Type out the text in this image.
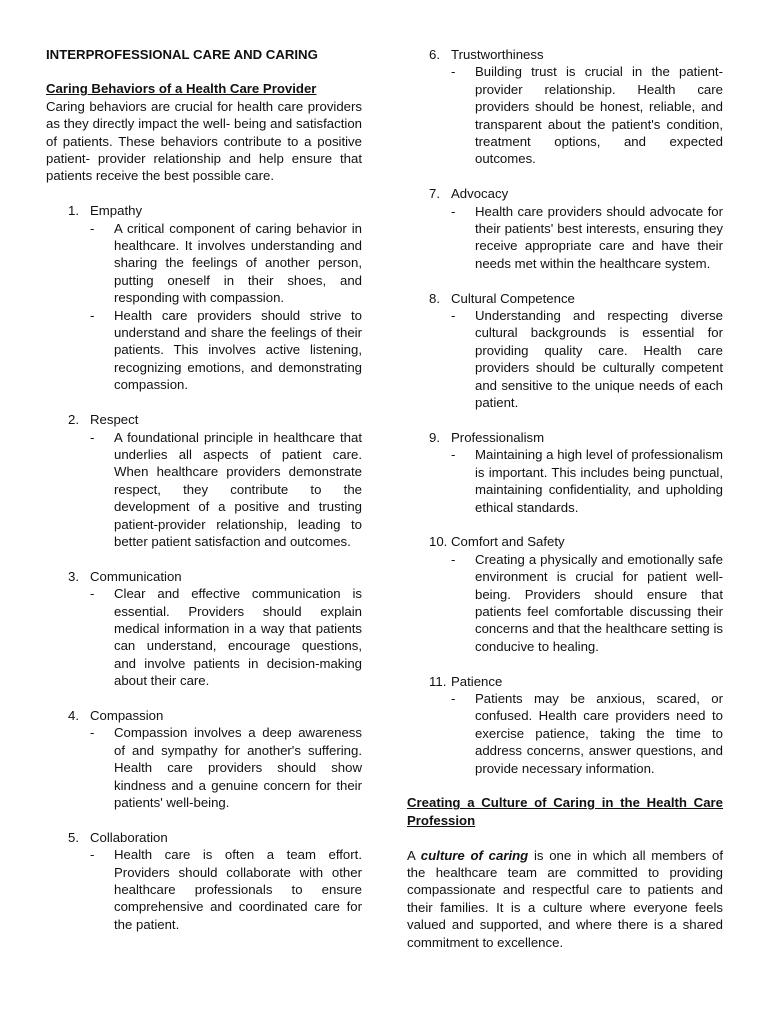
INTERPROFESSIONAL CARE AND CARING

Caring Behaviors of a Health Care Provider

Caring behaviors are crucial for health care providers as they directly impact the well- being and satisfaction of patients. These behaviors contribute to a positive patient- provider relationship and help ensure that patients receive the best possible care.

1. Empathy
-	A critical component of caring behavior in healthcare. It involves understanding and sharing the feelings of another person, putting oneself in their shoes, and responding with compassion.
-	Health care providers should strive to understand and share the feelings of their patients. This involves active listening, recognizing emotions, and demonstrating compassion.
2. Respect
-	A foundational principle in healthcare that underlies all aspects of patient care. When healthcare providers demonstrate respect, they contribute to the development of a positive and trusting patient-provider relationship, leading to better patient satisfaction and outcomes.
3. Communication
-	Clear and effective communication is essential. Providers should explain medical information in a way that patients can understand, encourage questions, and involve patients in decision-making about their care.
4. Compassion
-	Compassion involves a deep awareness of and sympathy for another's suffering. Health care providers should show kindness and a genuine concern for their patients' well-being.
5. Collaboration
-	Health care is often a team effort. Providers should collaborate with other healthcare professionals to ensure comprehensive and coordinated care for the patient.
6. Trustworthiness
-	Building trust is crucial in the patient-provider relationship. Health care providers should be honest, reliable, and transparent about the patient's condition, treatment options, and expected outcomes.
7. Advocacy
-	Health care providers should advocate for their patients' best interests, ensuring they receive appropriate care and have their needs met within the healthcare system.
8. Cultural Competence
-	Understanding and respecting diverse cultural backgrounds is essential for providing quality care. Health care providers should be culturally competent and sensitive to the unique needs of each patient.
9. Professionalism
-	Maintaining a high level of professionalism is important. This includes being punctual, maintaining confidentiality, and upholding ethical standards.
10. Comfort and Safety
-	Creating a physically and emotionally safe environment is crucial for patient well-being. Providers should ensure that patients feel comfortable discussing their concerns and that the healthcare setting is conducive to healing.
11. Patience
-	Patients may be anxious, scared, or confused. Health care providers need to exercise patience, taking the time to address concerns, answer questions, and provide necessary information.

Creating a Culture of Caring in the Health Care Profession

A culture of caring is one in which all members of the healthcare team are committed to providing compassionate and respectful care to patients and their families. It is a culture where everyone feels valued and supported, and where there is a shared commitment to excellence.
